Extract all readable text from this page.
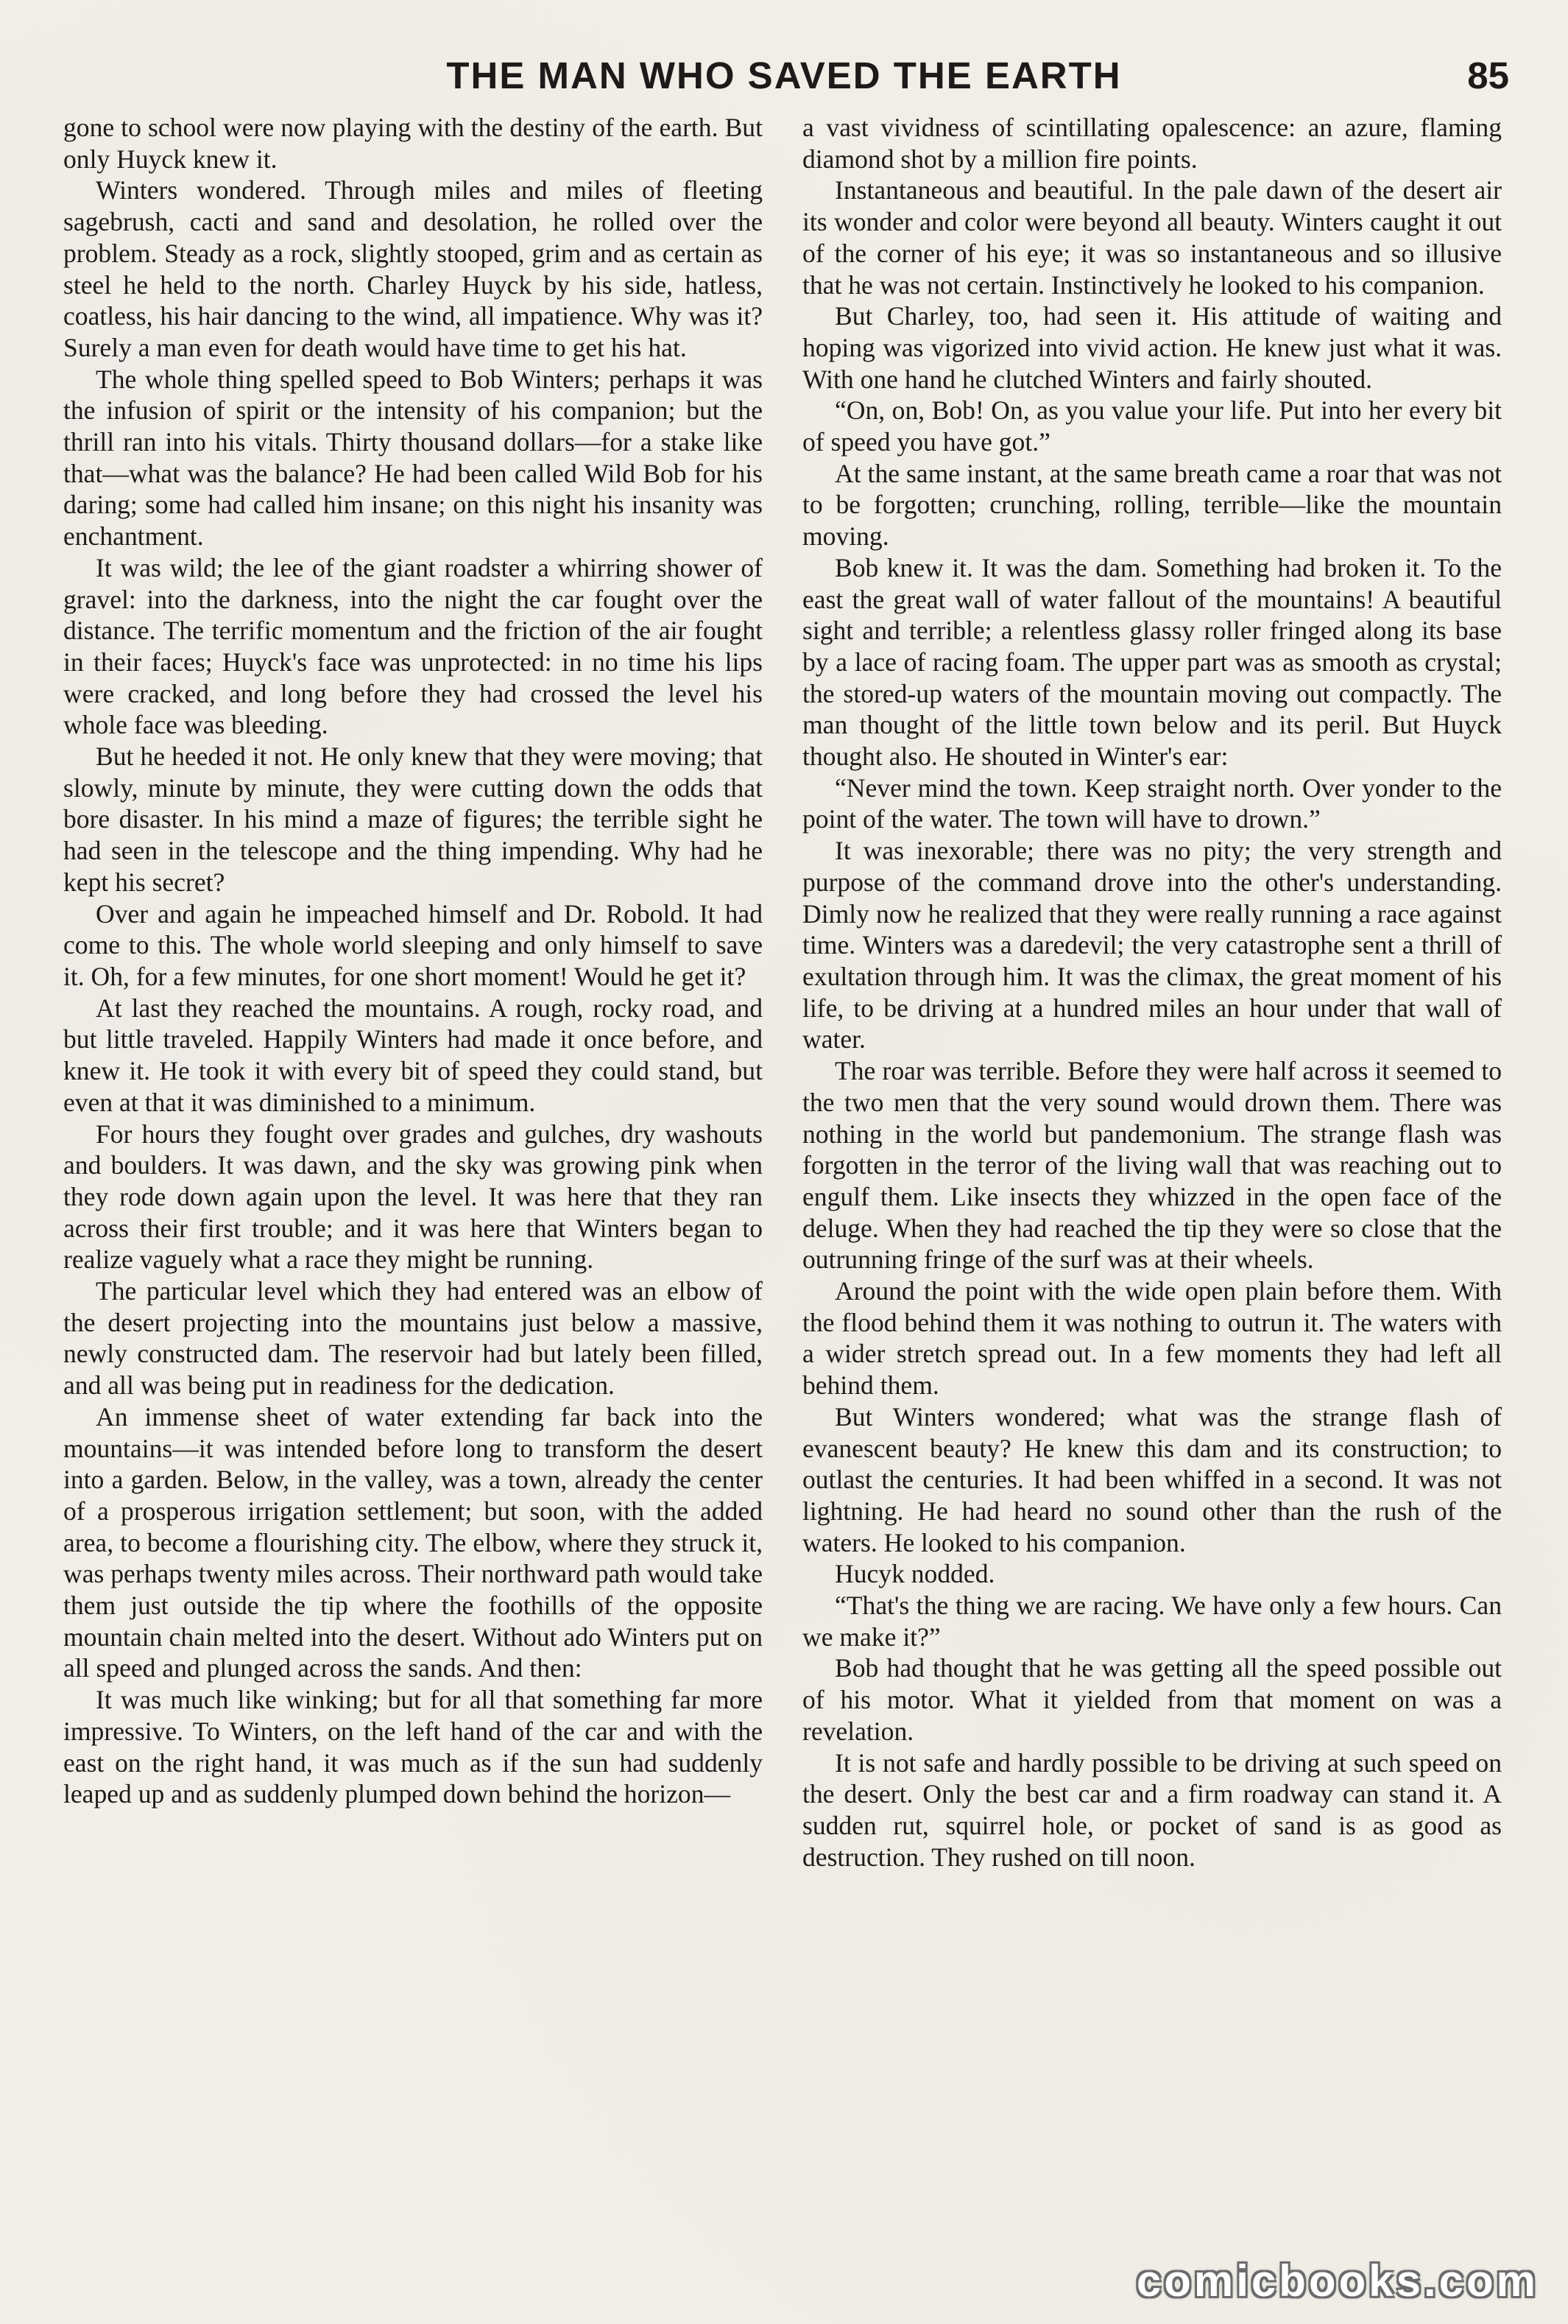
THE MAN WHO SAVED THE EARTH	85

gone to school were now playing with the destiny of the earth. But only Huyck knew it.

Winters wondered. Through miles and miles of fleeting sagebrush, cacti and sand and desolation, he rolled over the problem. Steady as a rock, slightly stooped, grim and as certain as steel he held to the north. Charley Huyck by his side, hatless, coatless, his hair dancing to the wind, all impatience. Why was it? Surely a man even for death would have time to get his hat.

The whole thing spelled speed to Bob Winters; perhaps it was the infusion of spirit or the intensity of his companion; but the thrill ran into his vitals. Thirty thousand dollars—for a stake like that—what was the balance? He had been called Wild Bob for his daring; some had called him insane; on this night his insanity was enchantment.

It was wild; the lee of the giant roadster a whirring shower of gravel: into the darkness, into the night the car fought over the distance. The terrific momentum and the friction of the air fought in their faces; Huyck's face was unprotected: in no time his lips were cracked, and long before they had crossed the level his whole face was bleeding.

But he heeded it not. He only knew that they were moving; that slowly, minute by minute, they were cutting down the odds that bore disaster. In his mind a maze of figures; the terrible sight he had seen in the telescope and the thing impending. Why had he kept his secret?

Over and again he impeached himself and Dr. Robold. It had come to this. The whole world sleeping and only himself to save it. Oh, for a few minutes, for one short moment! Would he get it?

At last they reached the mountains. A rough, rocky road, and but little traveled. Happily Winters had made it once before, and knew it. He took it with every bit of speed they could stand, but even at that it was diminished to a minimum.

For hours they fought over grades and gulches, dry washouts and boulders. It was dawn, and the sky was growing pink when they rode down again upon the level. It was here that they ran across their first trouble; and it was here that Winters began to realize vaguely what a race they might be running.

The particular level which they had entered was an elbow of the desert projecting into the mountains just below a massive, newly constructed dam. The reservoir had but lately been filled, and all was being put in readiness for the dedication.

An immense sheet of water extending far back into the mountains—it was intended before long to transform the desert into a garden. Below, in the valley, was a town, already the center of a prosperous irrigation settlement; but soon, with the added area, to become a flourishing city. The elbow, where they struck it, was perhaps twenty miles across. Their northward path would take them just outside the tip where the foothills of the opposite mountain chain melted into the desert. Without ado Winters put on all speed and plunged across the sands. And then:

It was much like winking; but for all that something far more impressive. To Winters, on the left hand of the car and with the east on the right hand, it was much as if the sun had suddenly leaped up and as suddenly plumped down behind the horizon—

a vast vividness of scintillating opalescence: an azure, flaming diamond shot by a million fire points.

Instantaneous and beautiful. In the pale dawn of the desert air its wonder and color were beyond all beauty. Winters caught it out of the corner of his eye; it was so instantaneous and so illusive that he was not certain. Instinctively he looked to his companion.

But Charley, too, had seen it. His attitude of waiting and hoping was vigorized into vivid action. He knew just what it was. With one hand he clutched Winters and fairly shouted.

“On, on, Bob! On, as you value your life. Put into her every bit of speed you have got.”

At the same instant, at the same breath came a roar that was not to be forgotten; crunching, rolling, terrible—like the mountain moving.

Bob knew it. It was the dam. Something had broken it. To the east the great wall of water fallout of the mountains! A beautiful sight and terrible; a relentless glassy roller fringed along its base by a lace of racing foam. The upper part was as smooth as crystal; the stored-up waters of the mountain moving out compactly. The man thought of the little town below and its peril. But Huyck thought also. He shouted in Winter's ear:

“Never mind the town. Keep straight north. Over yonder to the point of the water. The town will have to drown.”

It was inexorable; there was no pity; the very strength and purpose of the command drove into the other's understanding. Dimly now he realized that they were really running a race against time. Winters was a daredevil; the very catastrophe sent a thrill of exultation through him. It was the climax, the great moment of his life, to be driving at a hundred miles an hour under that wall of water.

The roar was terrible. Before they were half across it seemed to the two men that the very sound would drown them. There was nothing in the world but pandemonium. The strange flash was forgotten in the terror of the living wall that was reaching out to engulf them. Like insects they whizzed in the open face of the deluge. When they had reached the tip they were so close that the outrunning fringe of the surf was at their wheels.

Around the point with the wide open plain before them. With the flood behind them it was nothing to outrun it. The waters with a wider stretch spread out. In a few moments they had left all behind them.

But Winters wondered; what was the strange flash of evanescent beauty? He knew this dam and its construction; to outlast the centuries. It had been whiffed in a second. It was not lightning. He had heard no sound other than the rush of the waters. He looked to his companion.

Hucyk nodded.

“That's the thing we are racing. We have only a few hours. Can we make it?”

Bob had thought that he was getting all the speed possible out of his motor. What it yielded from that moment on was a revelation.

It is not safe and hardly possible to be driving at such speed on the desert. Only the best car and a firm roadway can stand it. A sudden rut, squirrel hole, or pocket of sand is as good as destruction. They rushed on till noon.

comicbooks.com
